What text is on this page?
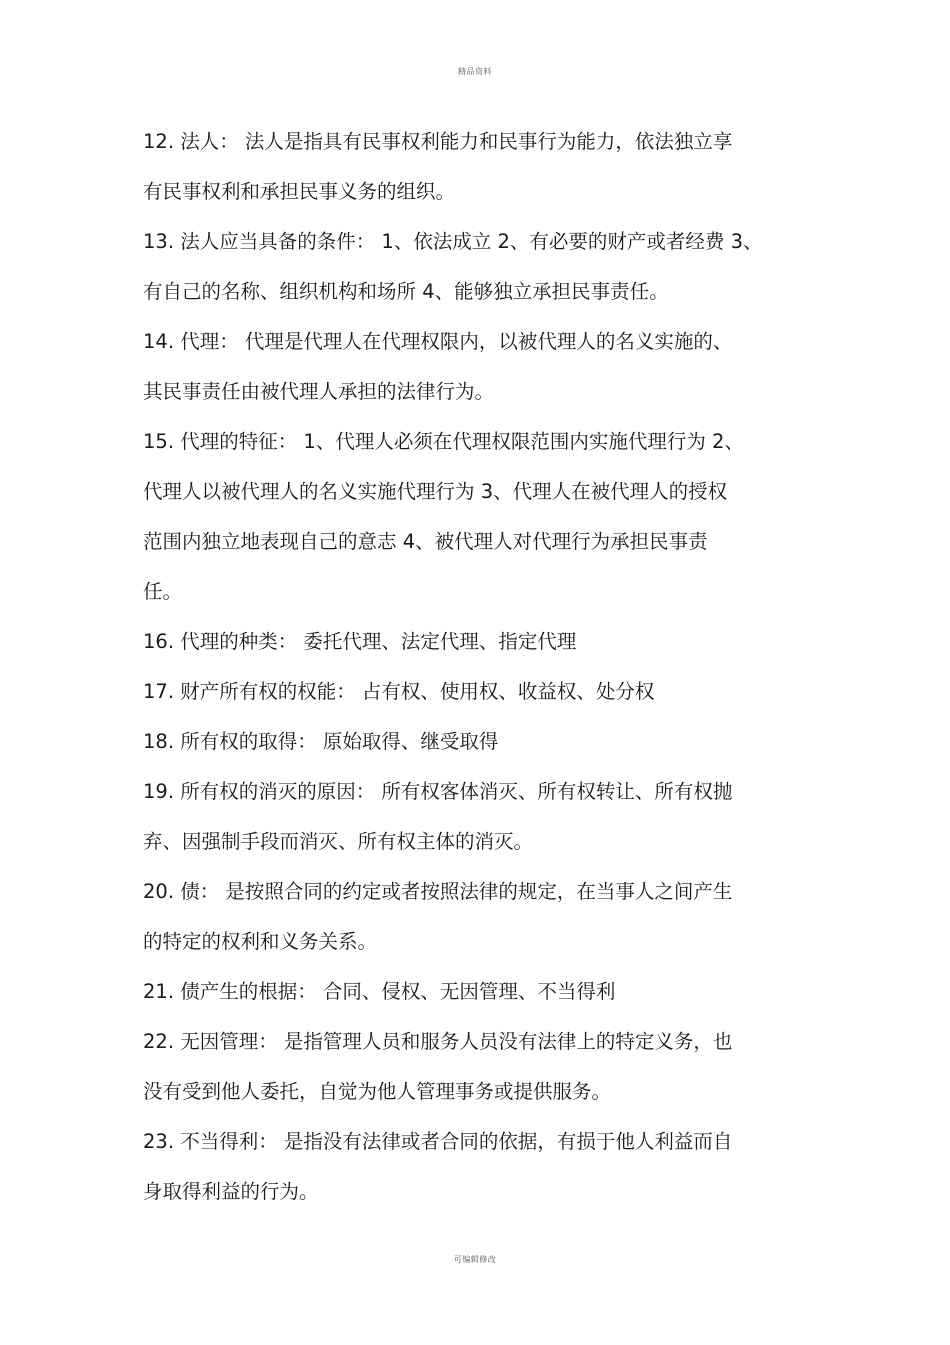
精品资料
12. 法人： 法人是指具有民事权利能力和民事行为能力，依法独立享
有民事权利和承担民事义务的组织。
13. 法人应当具备的条件： 1、依法成立 2、有必要的财产或者经费 3、
有自己的名称、组织机构和场所 4、能够独立承担民事责任。
14. 代理： 代理是代理人在代理权限内，以被代理人的名义实施的、
其民事责任由被代理人承担的法律行为。
15. 代理的特征： 1、代理人必须在代理权限范围内实施代理行为 2、
代理人以被代理人的名义实施代理行为 3、代理人在被代理人的授权
范围内独立地表现自己的意志 4、被代理人对代理行为承担民事责
任。
16. 代理的种类： 委托代理、法定代理、指定代理
17. 财产所有权的权能： 占有权、使用权、收益权、处分权
18. 所有权的取得： 原始取得、继受取得
19. 所有权的消灭的原因： 所有权客体消灭、所有权转让、所有权抛
弃、因强制手段而消灭、所有权主体的消灭。
20. 债： 是按照合同的约定或者按照法律的规定，在当事人之间产生
的特定的权利和义务关系。
21. 债产生的根据： 合同、侵权、无因管理、不当得利
22. 无因管理： 是指管理人员和服务人员没有法律上的特定义务，也
没有受到他人委托，自觉为他人管理事务或提供服务。
23. 不当得利： 是指没有法律或者合同的依据，有损于他人利益而自
身取得利益的行为。
可编辑修改
